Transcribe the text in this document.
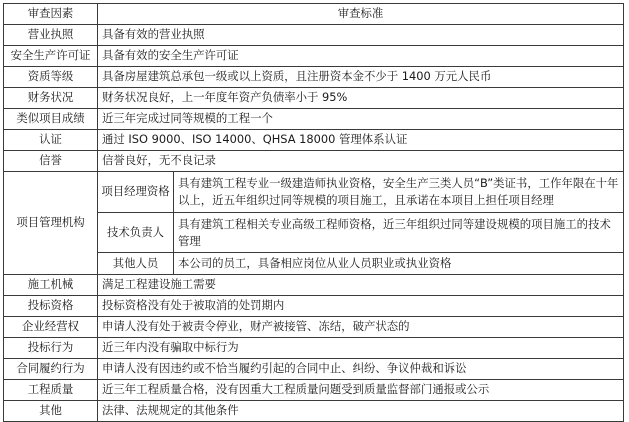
审查因素	审查标准	
营业执照	具备有效的营业执照	
安全生产许可证	具备有效的安全生产许可证	
资质等级	具备房屋建筑总承包一级或以上资质，且注册资本金不少于 1400 万元人民币	
财务状况	财务状况良好，上一年度年资产负债率小于 95%	
类似项目成绩	近三年完成过同等规模的工程一个	
认证	通过 ISO 9000、ISO 14000、QHSA 18000 管理体系认证	
信誉	信誉良好，无不良记录	
项目管理机构	项目经理资格	具有建筑工程专业一级建造师执业资格，安全生产三类人员“B”类证书，工作年限在十年以上，近五年组织过同等规模的项目施工，且承诺在本项目上担任项目经理
	技术负责人	具有建筑工程相关专业高级工程师资格，近三年组织过同等建设规模的项目施工的技术管理
	其他人员	本公司的员工，具备相应岗位从业人员职业或执业资格
施工机械	满足工程建设施工需要	
投标资格	投标资格没有处于被取消的处罚期内	
企业经营权	申请人没有处于被责令停业，财产被接管、冻结，破产状态的	
投标行为	近三年内没有骗取中标行为	
合同履约行为	申请人没有因违约或不恰当履约引起的合同中止、纠纷、争议仲裁和诉讼	
工程质量	近三年工程质量合格，没有因重大工程质量问题受到质量监督部门通报或公示	
其他	法律、法规规定的其他条件	
